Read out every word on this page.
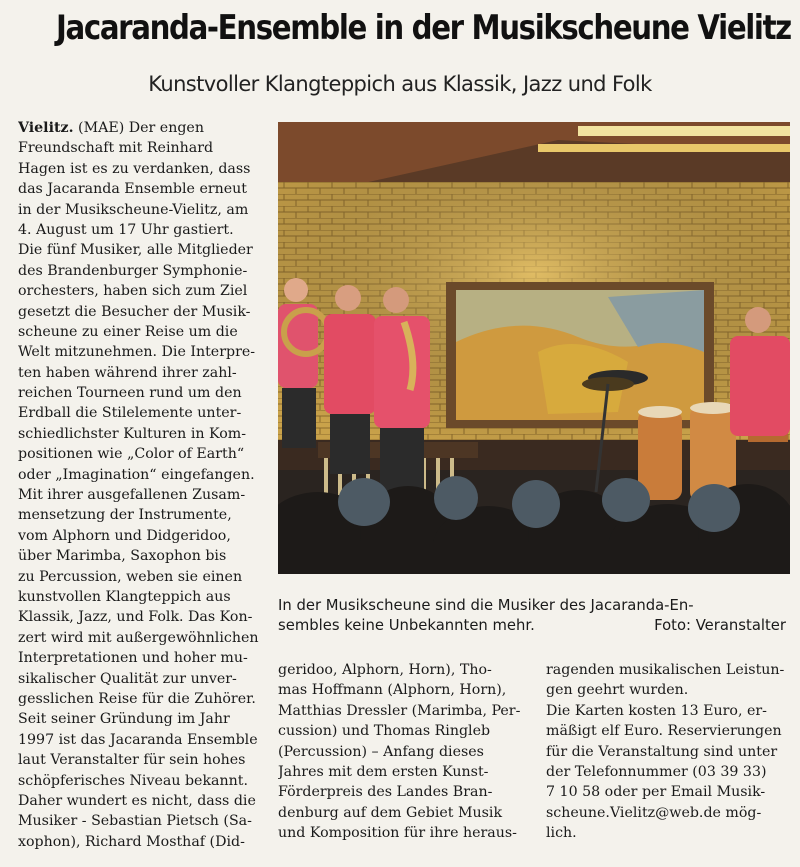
Jacaranda-Ensemble in der Musikscheune Vielitz
Kunstvoller Klangteppich aus Klassik, Jazz und Folk
Vielitz. (MAE) Der engen
Freundschaft mit Reinhard
Hagen ist es zu verdanken, dass
das Jacaranda Ensemble erneut
in der Musikscheune-Vielitz, am
4. August um 17 Uhr gastiert.
Die fünf Musiker, alle Mitglieder
des Brandenburger Symphonie-
orchesters, haben sich zum Ziel
gesetzt die Besucher der Musik-
scheune zu einer Reise um die
Welt mitzunehmen. Die Interpre-
ten haben während ihrer zahl-
reichen Tourneen rund um den
Erdball die Stilelemente unter-
schiedlichster Kulturen in Kom-
positionen wie „Color of Earth“
oder „Imagination“ eingefangen.
Mit ihrer ausgefallenen Zusam-
mensetzung der Instrumente,
vom Alphorn und Didgeridoo,
über Marimba, Saxophon bis
zu Percussion, weben sie einen
kunstvollen Klangteppich aus
Klassik, Jazz, und Folk. Das Kon-
zert wird mit außergewöhnlichen
Interpretationen und hoher mu-
sikalischer Qualität zur unver-
gesslichen Reise für die Zuhörer.
Seit seiner Gründung im Jahr
1997 ist das Jacaranda Ensemble
laut Veranstalter für sein hohes
schöpferisches Niveau bekannt.
Daher wundert es nicht, dass die
Musiker - Sebastian Pietsch (Sa-
xophon), Richard Mosthaf (Did-
In der Musikscheune sind die Musiker des Jacaranda-En-
sembles keine Unbekannten mehr.	Foto: Veranstalter
geridoo, Alphorn, Horn), Tho-
mas Hoffmann (Alphorn, Horn),
Matthias Dressler (Marimba, Per-
cussion) und Thomas Ringleb
(Percussion) – Anfang dieses
Jahres mit dem ersten Kunst-
Förderpreis des Landes Bran-
denburg auf dem Gebiet Musik
und Komposition für ihre heraus-
ragenden musikalischen Leistun-
gen geehrt wurden.
Die Karten kosten 13 Euro, er-
mäßigt elf Euro. Reservierungen
für die Veranstaltung sind unter
der Telefonnummer (03 39 33)
7 10 58 oder per Email Musik-
scheune.Vielitz@web.de mög-
lich.
